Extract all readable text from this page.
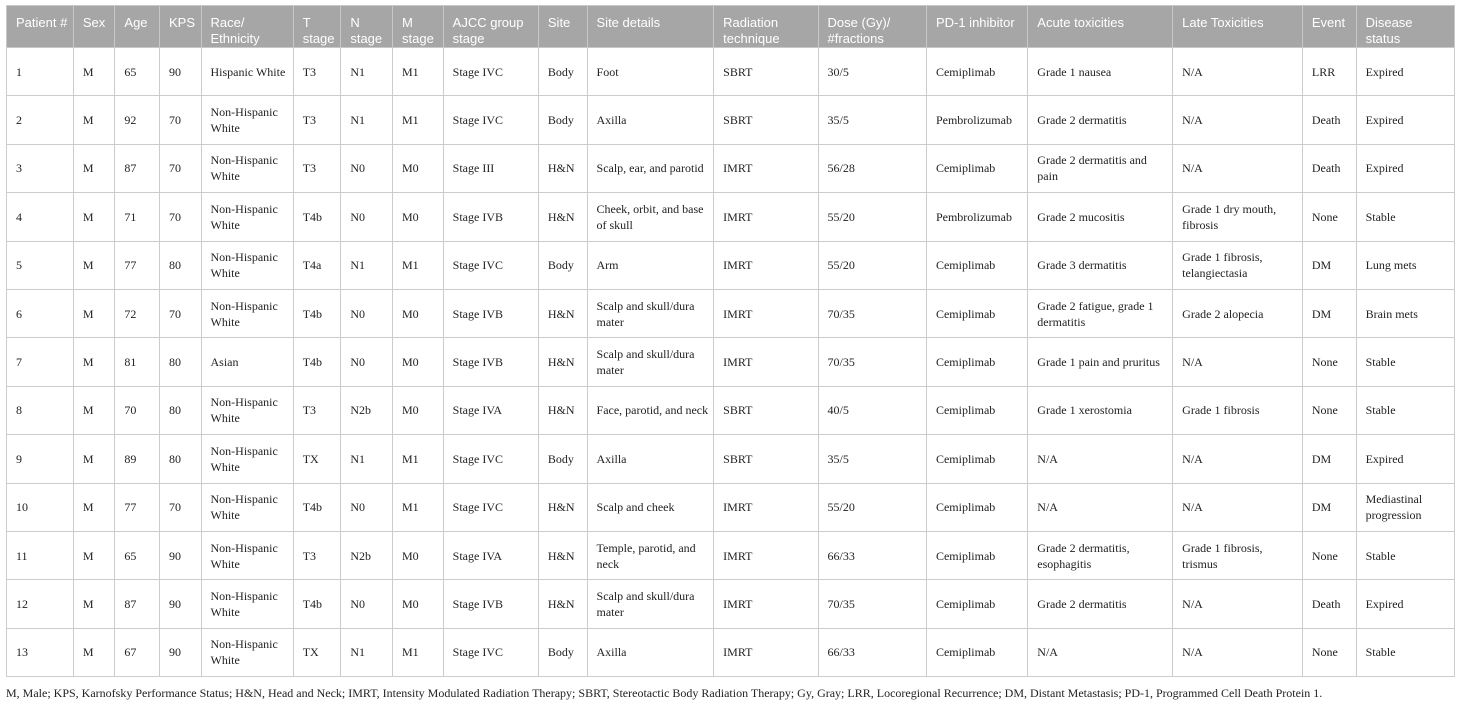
Patient #	Sex	Age	KPS	Race/ Ethnicity	T stage	N stage	M stage	AJCC group stage	Site	Site details	Radiation technique	Dose (Gy)/ #fractions	PD-1 inhibitor	Acute toxicities	Late Toxicities	Event	Disease status

1	M	65	90	Hispanic White	T3	N1	M1	Stage IVC	Body	Foot	SBRT	30/5	Cemiplimab	Grade 1 nausea	N/A	LRR	Expired

2	M	92	70	Non-Hispanic White	T3	N1	M1	Stage IVC	Body	Axilla	SBRT	35/5	Pembrolizumab	Grade 2 dermatitis	N/A	Death	Expired

3	M	87	70	Non-Hispanic White	T3	N0	M0	Stage III	H&N	Scalp, ear, and parotid	IMRT	56/28	Cemiplimab	Grade 2 dermatitis and pain	N/A	Death	Expired

4	M	71	70	Non-Hispanic White	T4b	N0	M0	Stage IVB	H&N	Cheek, orbit, and base of skull	IMRT	55/20	Pembrolizumab	Grade 2 mucositis	Grade 1 dry mouth, fibrosis	None	Stable

5	M	77	80	Non-Hispanic White	T4a	N1	M1	Stage IVC	Body	Arm	IMRT	55/20	Cemiplimab	Grade 3 dermatitis	Grade 1 fibrosis, telangiectasia	DM	Lung mets

6	M	72	70	Non-Hispanic White	T4b	N0	M0	Stage IVB	H&N	Scalp and skull/dura mater	IMRT	70/35	Cemiplimab	Grade 2 fatigue, grade 1 dermatitis	Grade 2 alopecia	DM	Brain mets

7	M	81	80	Asian	T4b	N0	M0	Stage IVB	H&N	Scalp and skull/dura mater	IMRT	70/35	Cemiplimab	Grade 1 pain and pruritus	N/A	None	Stable

8	M	70	80	Non-Hispanic White	T3	N2b	M0	Stage IVA	H&N	Face, parotid, and neck	SBRT	40/5	Cemiplimab	Grade 1 xerostomia	Grade 1 fibrosis	None	Stable

9	M	89	80	Non-Hispanic White	TX	N1	M1	Stage IVC	Body	Axilla	SBRT	35/5	Cemiplimab	N/A	N/A	DM	Expired

10	M	77	70	Non-Hispanic White	T4b	N0	M1	Stage IVC	H&N	Scalp and cheek	IMRT	55/20	Cemiplimab	N/A	N/A	DM	Mediastinal progression

11	M	65	90	Non-Hispanic White	T3	N2b	M0	Stage IVA	H&N	Temple, parotid, and neck	IMRT	66/33	Cemiplimab	Grade 2 dermatitis, esophagitis	Grade 1 fibrosis, trismus	None	Stable

12	M	87	90	Non-Hispanic White	T4b	N0	M0	Stage IVB	H&N	Scalp and skull/dura mater	IMRT	70/35	Cemiplimab	Grade 2 dermatitis	N/A	Death	Expired

13	M	67	90	Non-Hispanic White	TX	N1	M1	Stage IVC	Body	Axilla	IMRT	66/33	Cemiplimab	N/A	N/A	None	Stable
M, Male; KPS, Karnofsky Performance Status; H&N, Head and Neck; IMRT, Intensity Modulated Radiation Therapy; SBRT, Stereotactic Body Radiation Therapy; Gy, Gray; LRR, Locoregional Recurrence; DM, Distant Metastasis; PD-1, Programmed Cell Death Protein 1.
